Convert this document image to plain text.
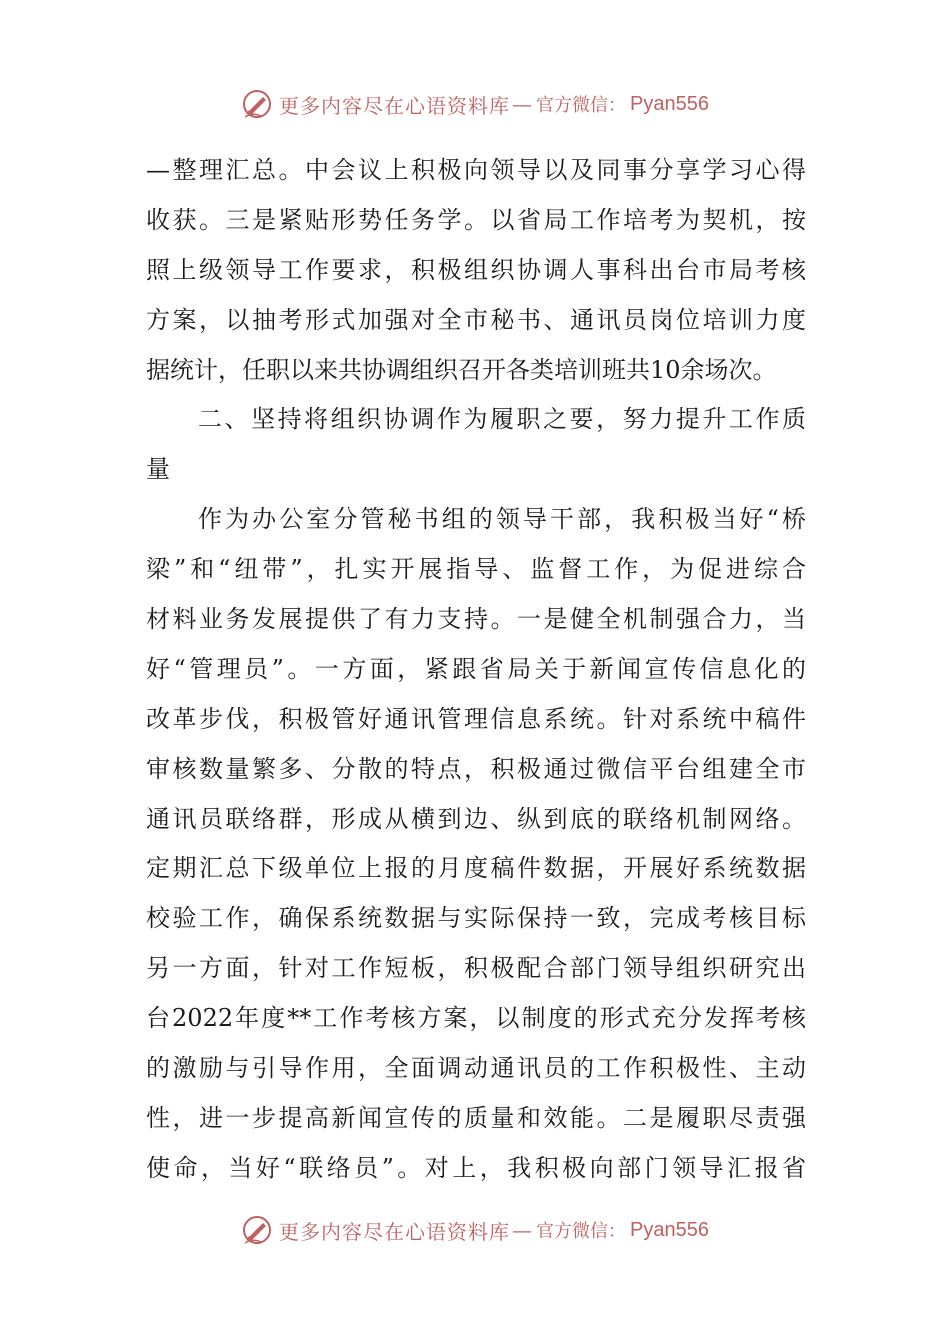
更多内容尽在心语资料库 — 官方微信： Pyan556
—整理汇总。中会议上积极向领导以及同事分享学习心得
收获。三是紧贴形势任务学。以省局工作培考为契机，按
照上级领导工作要求，积极组织协调人事科出台市局考核
方案，以抽考形式加强对全市秘书、通讯员岗位培训力度
据统计，任职以来共协调组织召开各类培训班共10余场次。
二、坚持将组织协调作为履职之要，努力提升工作质
量
作为办公室分管秘书组的领导干部，我积极当好“桥
梁”和“纽带”，扎实开展指导、监督工作，为促进综合
材料业务发展提供了有力支持。一是健全机制强合力，当
好“管理员”。一方面，紧跟省局关于新闻宣传信息化的
改革步伐，积极管好通讯管理信息系统。针对系统中稿件
审核数量繁多、分散的特点，积极通过微信平台组建全市
通讯员联络群，形成从横到边、纵到底的联络机制网络。
定期汇总下级单位上报的月度稿件数据，开展好系统数据
校验工作，确保系统数据与实际保持一致，完成考核目标
另一方面，针对工作短板，积极配合部门领导组织研究出
台2022年度**工作考核方案，以制度的形式充分发挥考核
的激励与引导作用，全面调动通讯员的工作积极性、主动
性，进一步提高新闻宣传的质量和效能。二是履职尽责强
使命，当好“联络员”。对上，我积极向部门领导汇报省
更多内容尽在心语资料库 — 官方微信： Pyan556
